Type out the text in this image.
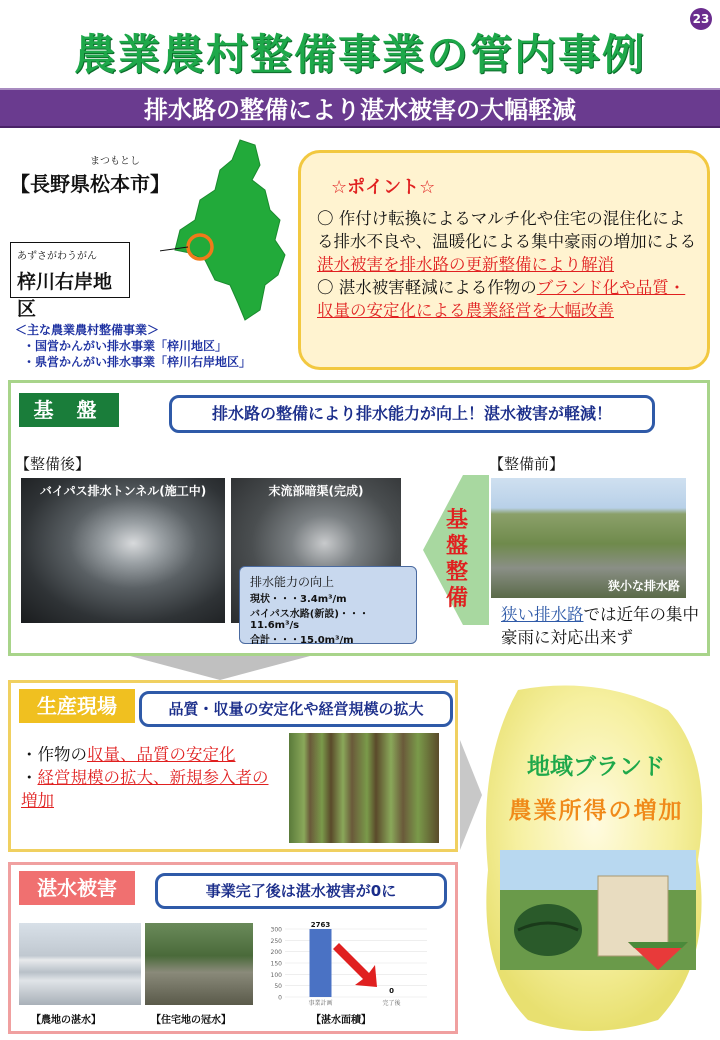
23
農業農村整備事業の管内事例
排水路の整備により湛水被害の大幅軽減
まつもとし
【長野県松本市】
あずさがわうがん
梓川右岸地区
＜主な農業農村整備事業＞
・国営かんがい排水事業「梓川地区」
・県営かんがい排水事業「梓川右岸地区」
☆ポイント☆
〇 作付け転換によるマルチ化や住宅の混住化による排水不良や、温暖化による集中豪雨の増加による湛水被害を排水路の更新整備により解消
〇 湛水被害軽減による作物のブランド化や品質・収量の安定化による農業経営を大幅改善
基 盤	排水路の整備により排水能力が向上！湛水被害が軽減！
【整備後】	【整備前】
バイパス排水トンネル(施工中)	末流部暗渠(完成)
排水能力の向上
現状・・・3.4m³/m
バイパス水路(新設)・・・11.6m³/s
合計・・・15.0m³/m
基盤整備	狭小な排水路
狭い排水路では近年の集中豪雨に対応出来ず
生産現場	品質・収量の安定化や経営規模の拡大
・作物の収量、品質の安定化
・経営規模の拡大、新規参入者の増加
湛水被害	事業完了後は湛水被害が0に
【農地の湛水】	【住宅地の冠水】
300
250
200
150
100
50
0
2763
事業計画
0
完了後
【湛水面積】
地域ブランド
農業所得の増加
